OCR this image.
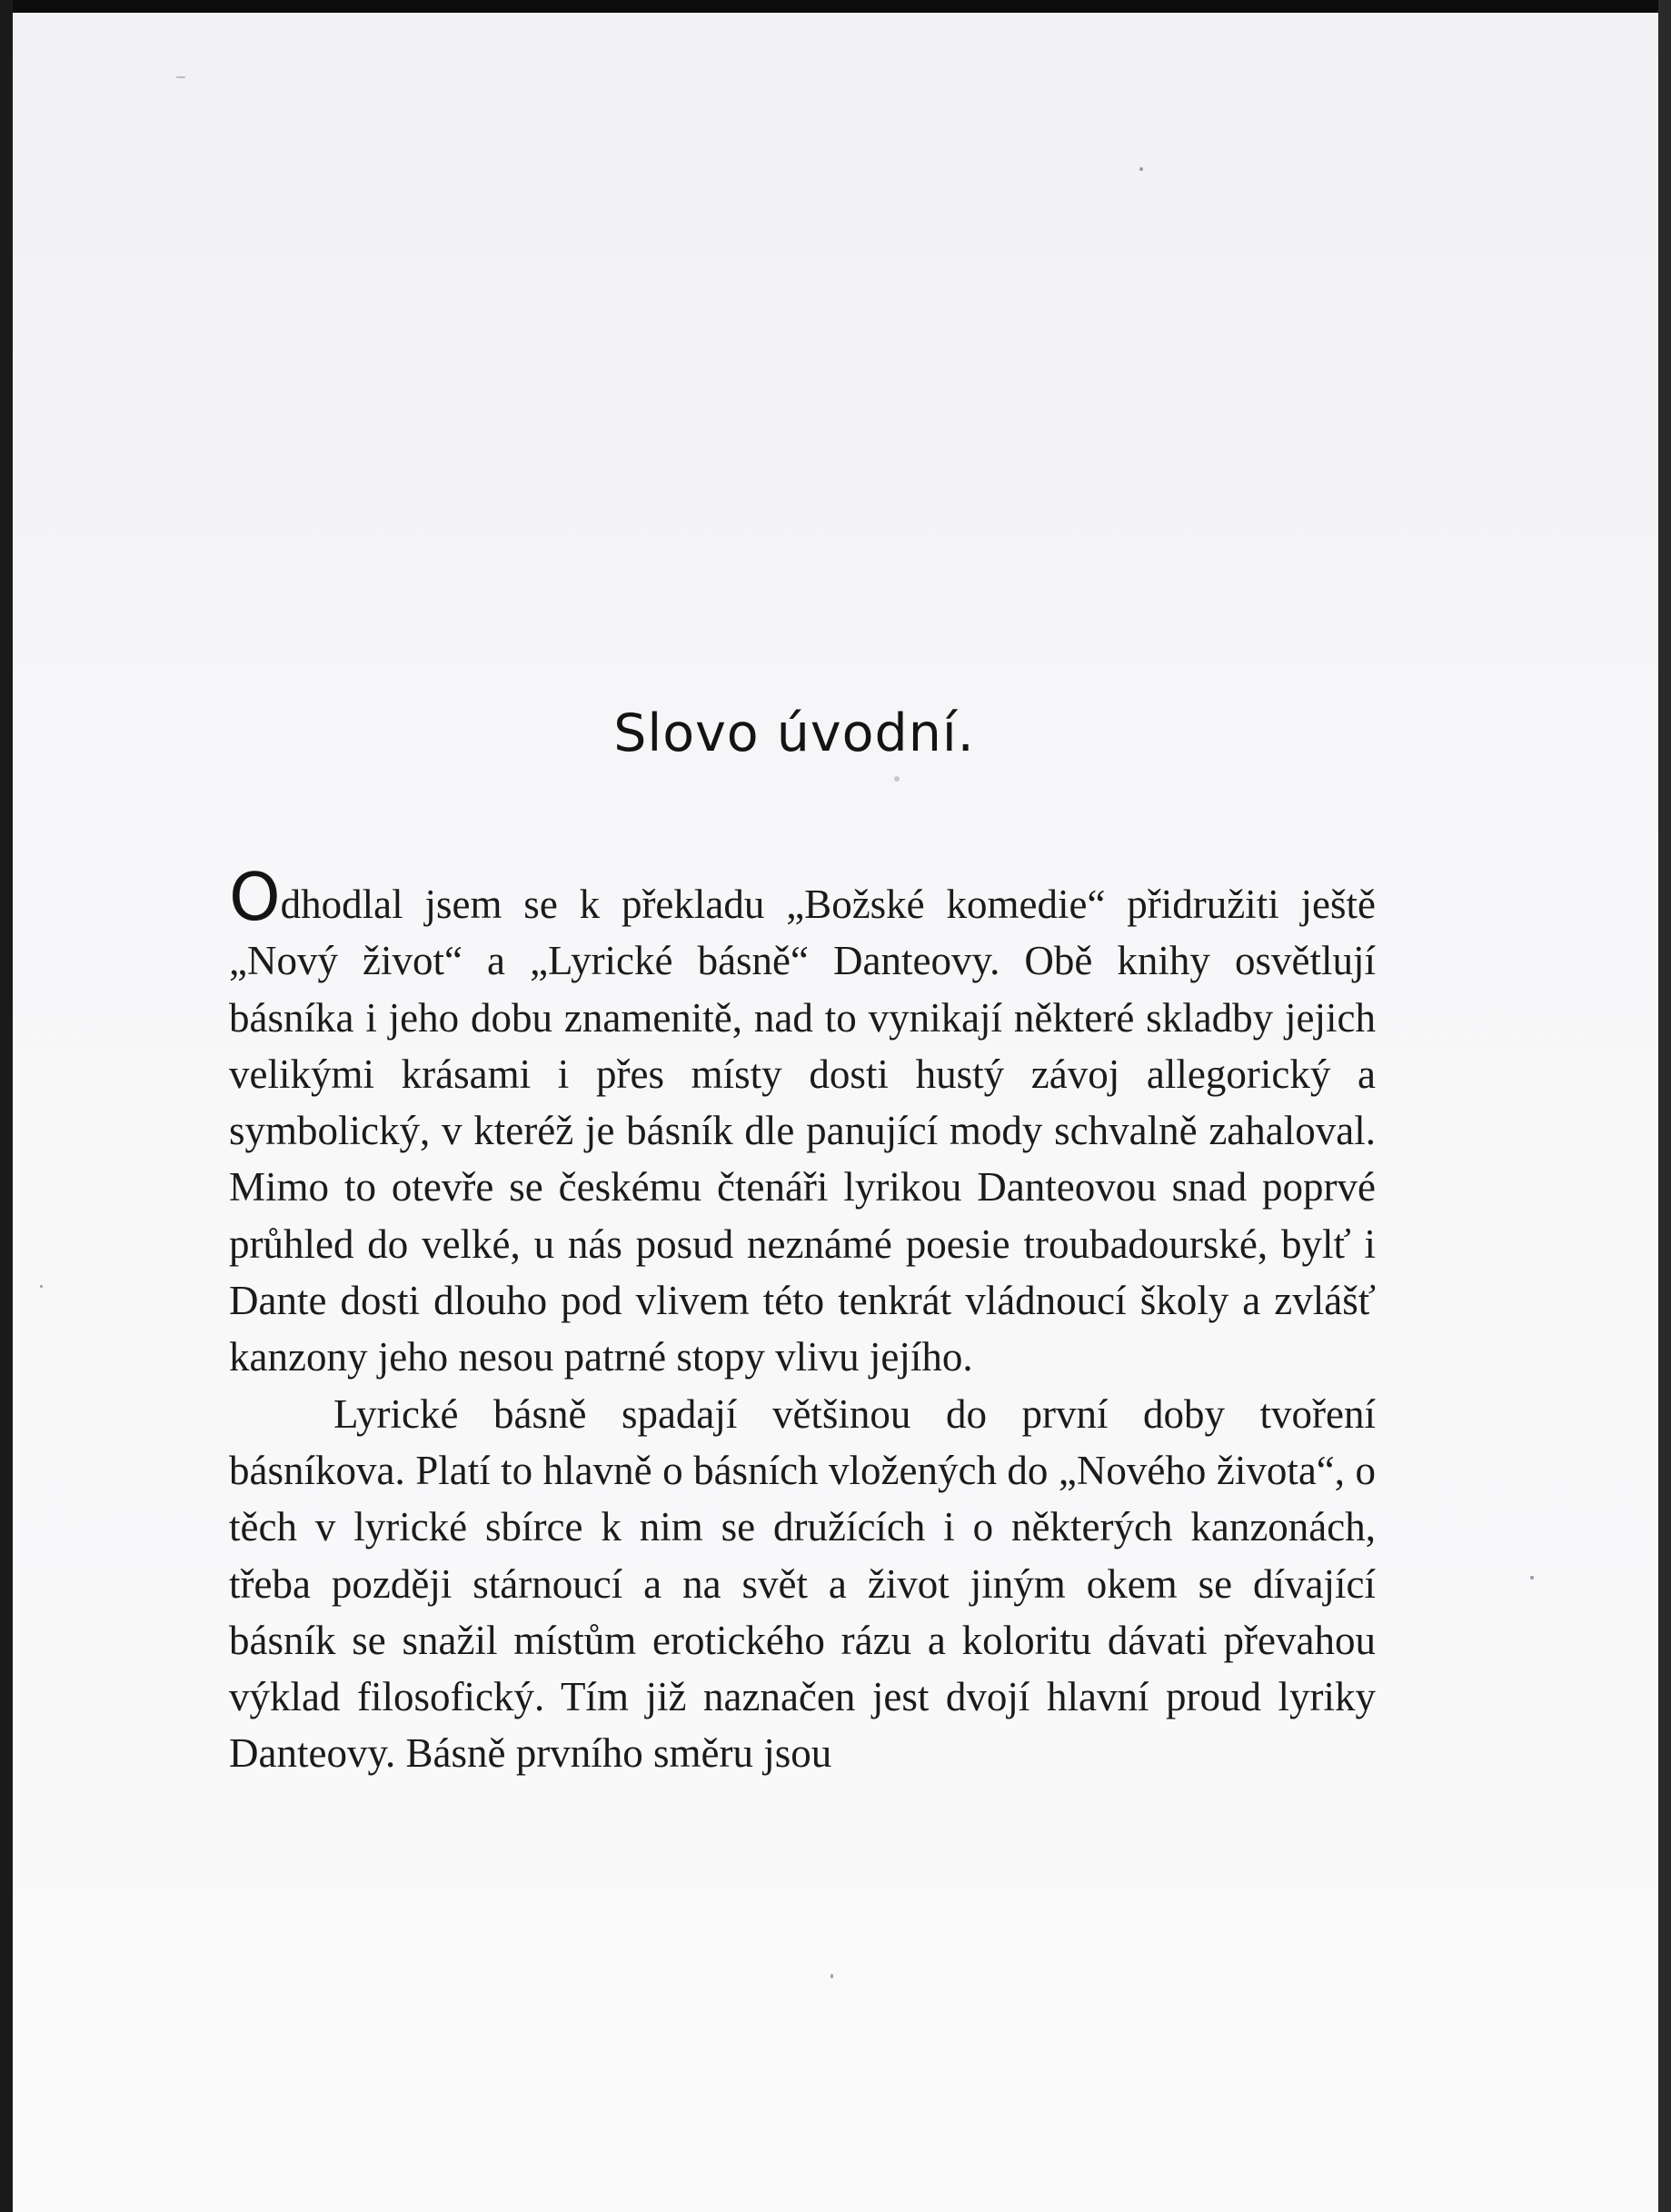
Slovo úvodní.

Odhodlal jsem se k překladu „Božské komedie“ přidružiti ještě „Nový život“ a „Lyrické básně“ Danteovy. Obě knihy osvětlují básníka i jeho dobu znamenitě, nad to vynikají některé skladby jejich velikými krásami i přes místy dosti hustý závoj allegorický a symbolický, v kteréž je básník dle panující mody schvalně zahaloval. Mimo to otevře se českému čtenáři lyrikou Danteovou snad poprvé průhled do velké, u nás posud neznámé poesie troubadourské, bylť i Dante dosti dlouho pod vlivem této tenkrát vládnoucí školy a zvlášť kanzony jeho nesou patrné stopy vlivu jejího.

Lyrické básně spadají většinou do první doby tvoření básníkova. Platí to hlavně o básních vložených do „Nového života“, o těch v lyrické sbírce k nim se družících i o některých kanzonách, třeba později stárnoucí a na svět a život jiným okem se dívající básník se snažil místům erotického rázu a koloritu dávati převahou výklad filosofický. Tím již naznačen jest dvojí hlavní proud lyriky Danteovy. Básně prvního směru jsou
